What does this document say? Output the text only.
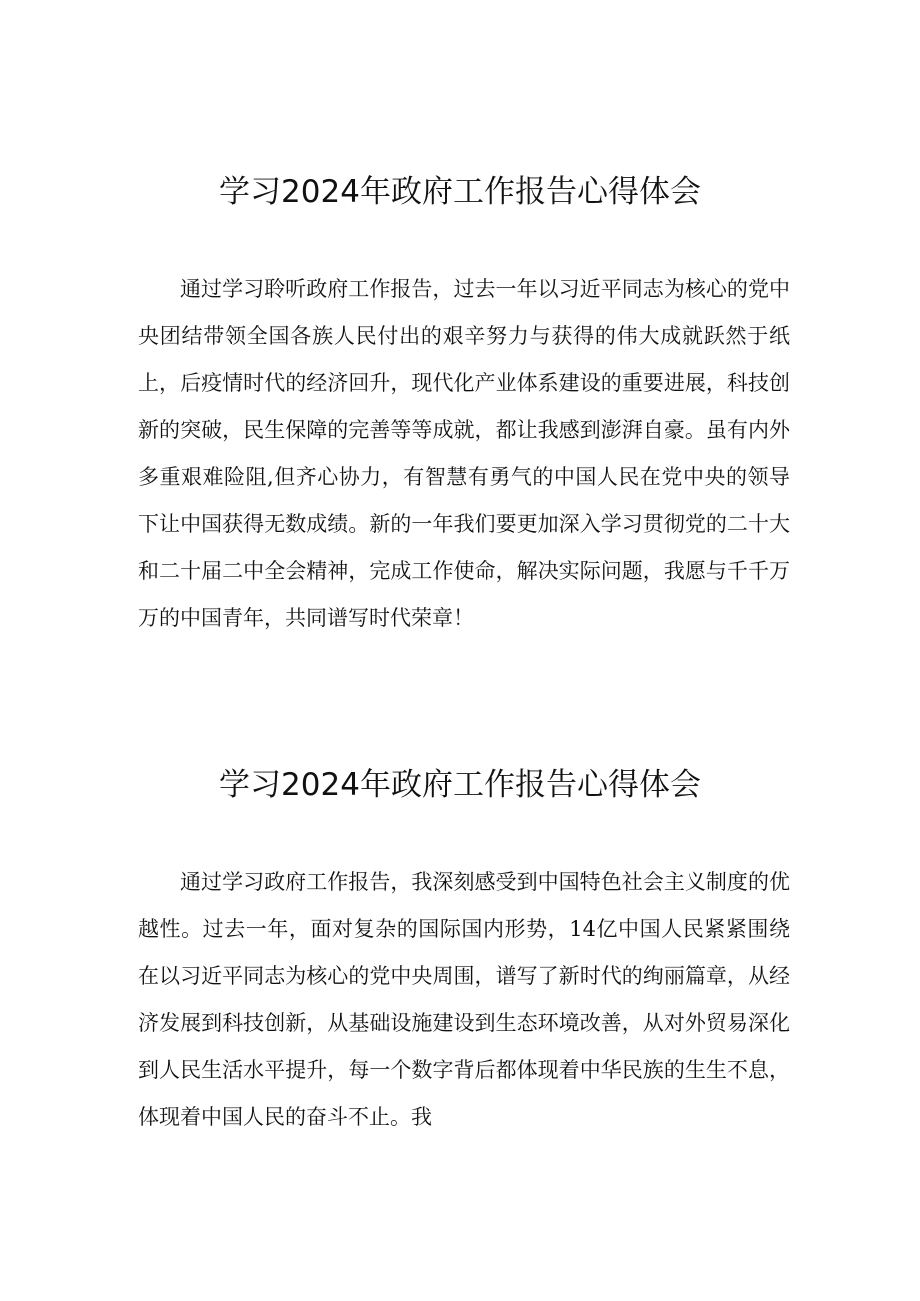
学习2024年政府工作报告心得体会

通过学习聆听政府工作报告，过去一年以习近平同志为核心的党中央团结带领全国各族人民付出的艰辛努力与获得的伟大成就跃然于纸上，后疫情时代的经济回升，现代化产业体系建设的重要进展，科技创新的突破，民生保障的完善等等成就，都让我感到澎湃自豪。虽有内外多重艰难险阻,但齐心协力，有智慧有勇气的中国人民在党中央的领导下让中国获得无数成绩。新的一年我们要更加深入学习贯彻党的二十大和二十届二中全会精神，完成工作使命，解决实际问题，我愿与千千万万的中国青年，共同谱写时代荣章！

学习2024年政府工作报告心得体会

通过学习政府工作报告，我深刻感受到中国特色社会主义制度的优越性。过去一年，面对复杂的国际国内形势，14亿中国人民紧紧围绕在以习近平同志为核心的党中央周围，谱写了新时代的绚丽篇章，从经济发展到科技创新，从基础设施建设到生态环境改善，从对外贸易深化到人民生活水平提升，每一个数字背后都体现着中华民族的生生不息，体现着中国人民的奋斗不止。我
